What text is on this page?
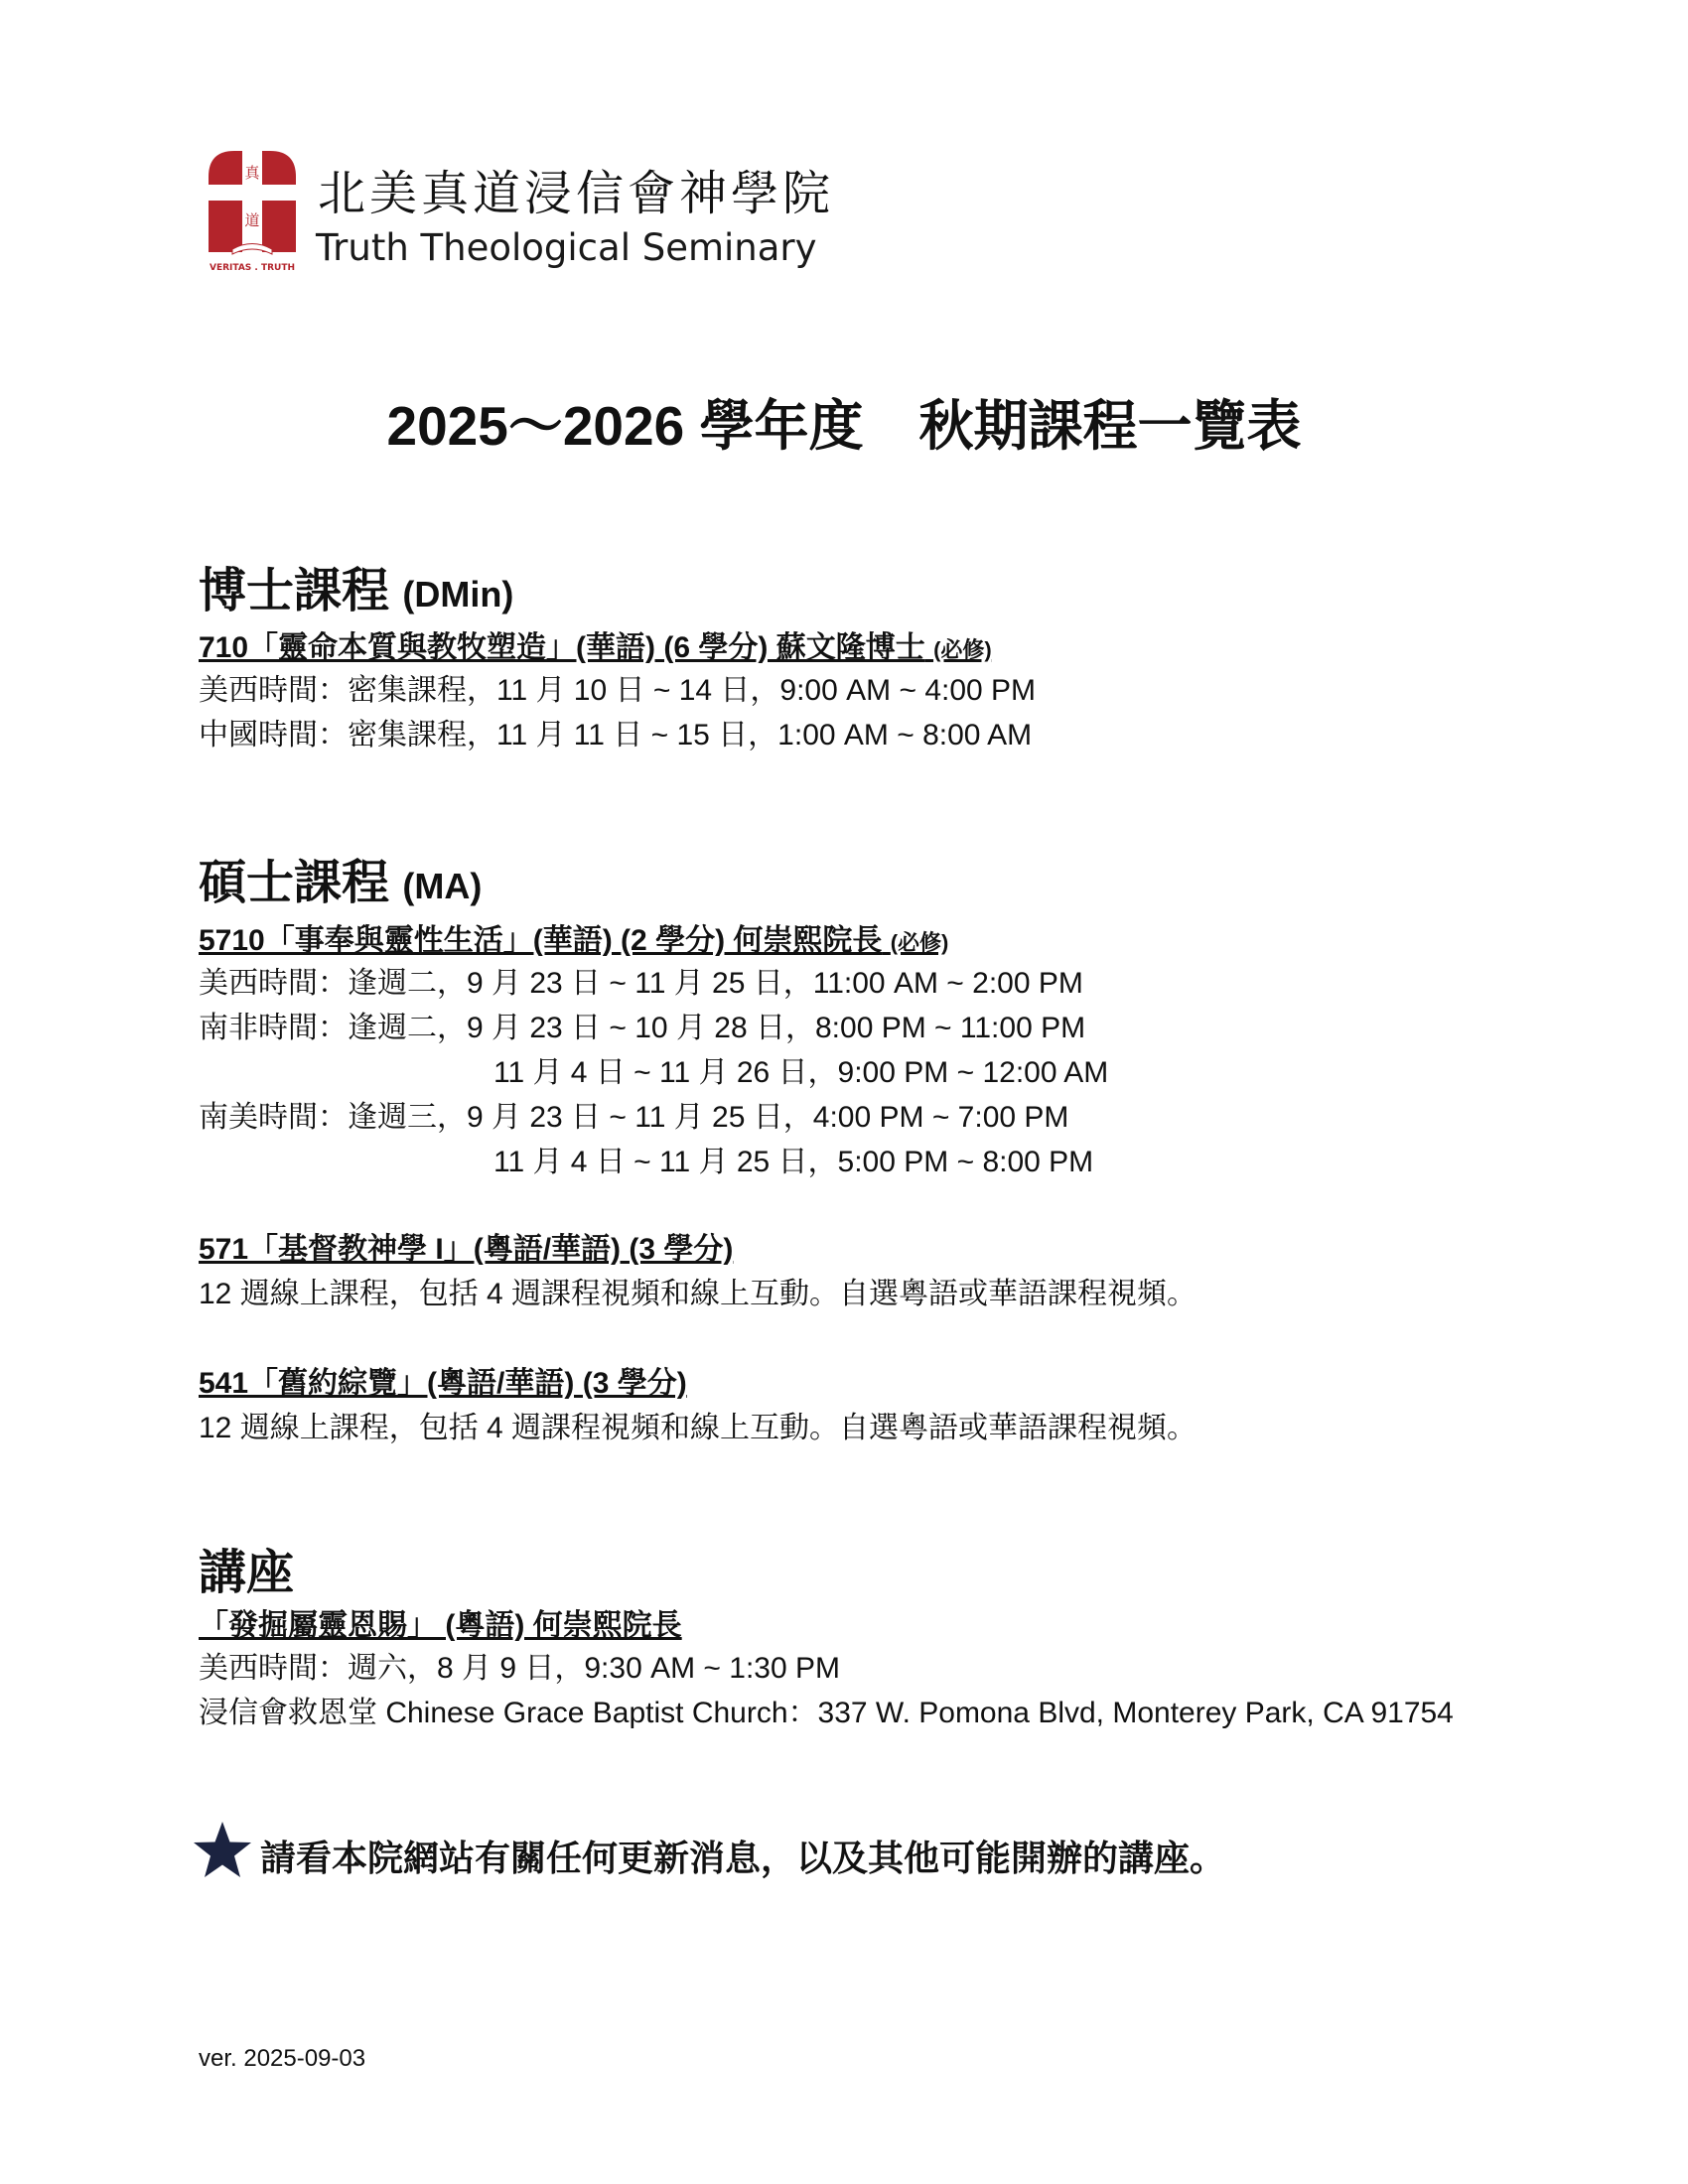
真
道
VERITAS . TRUTH
北美真道浸信會神學院
Truth Theological Seminary
2025～2026 學年度 秋期課程一覽表
博士課程 (DMin)
710「靈命本質與教牧塑造」(華語) (6 學分) 蘇文隆博士 (必修)
美西時間：密集課程，11 月 10 日 ~ 14 日，9:00 AM ~ 4:00 PM
中國時間：密集課程，11 月 11 日 ~ 15 日，1:00 AM ~ 8:00 AM
碩士課程 (MA)
5710「事奉與靈性生活」(華語) (2 學分) 何崇熙院長 (必修)
美西時間：逢週二，9 月 23 日 ~ 11 月 25 日，11:00 AM ~ 2:00 PM
南非時間：逢週二，9 月 23 日 ~ 10 月 28 日，8:00 PM ~ 11:00 PM
11 月 4 日 ~ 11 月 26 日，9:00 PM ~ 12:00 AM
南美時間：逢週三，9 月 23 日 ~ 11 月 25 日，4:00 PM ~ 7:00 PM
11 月 4 日 ~ 11 月 25 日，5:00 PM ~ 8:00 PM
571「基督教神學 I」(粵語/華語) (3 學分)
12 週線上課程，包括 4 週課程視頻和線上互動。自選粵語或華語課程視頻。
541「舊約綜覽」(粵語/華語) (3 學分)
12 週線上課程，包括 4 週課程視頻和線上互動。自選粵語或華語課程視頻。
講座
「發掘屬靈恩賜」 (粵語) 何崇熙院長
美西時間：週六，8 月 9 日，9:30 AM ~ 1:30 PM
浸信會救恩堂 Chinese Grace Baptist Church：337 W. Pomona Blvd, Monterey Park, CA 91754
請看本院網站有關任何更新消息，以及其他可能開辦的講座。
ver. 2025-09-03
